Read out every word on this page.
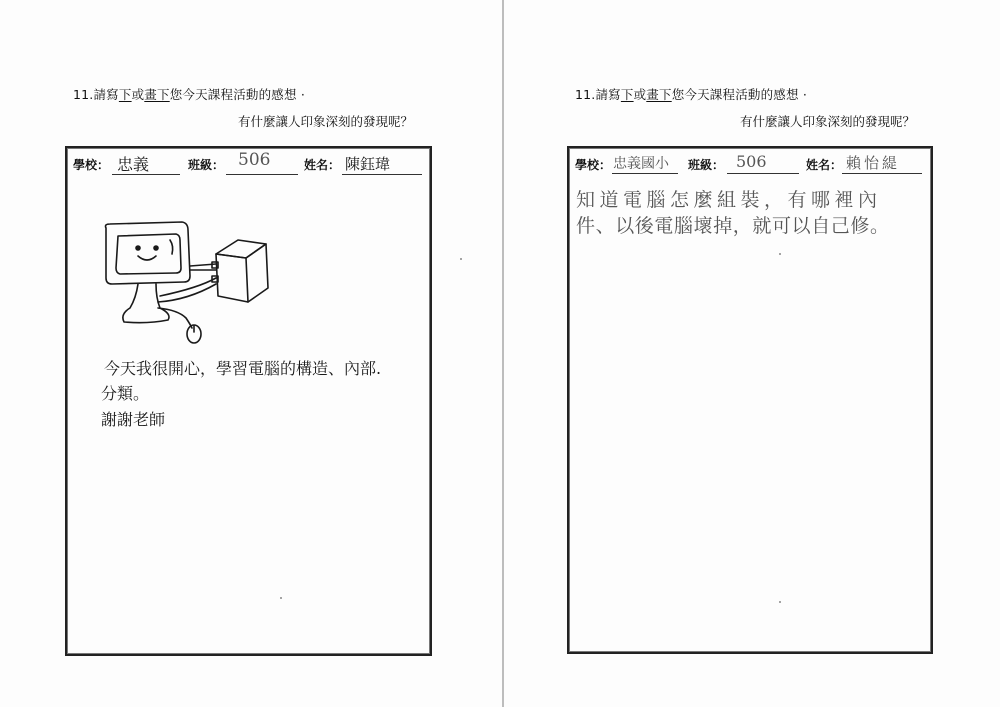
11.請寫下或畫下您今天課程活動的感想 ·
有什麼讓人印象深刻的發現呢？
學校： 忠義	班級： 506	姓名： 陳鈺瑋
今天我很開心，學習電腦的構造、內部.
分類。
謝謝老師
11.請寫下或畫下您今天課程活動的感想 ·
有什麼讓人印象深刻的發現呢？
學校： 忠義國小 班級： 506	姓名： 賴怡緹
知道電腦怎麼組裝，有哪裡內
件、以後電腦壞掉，就可以自己修。
